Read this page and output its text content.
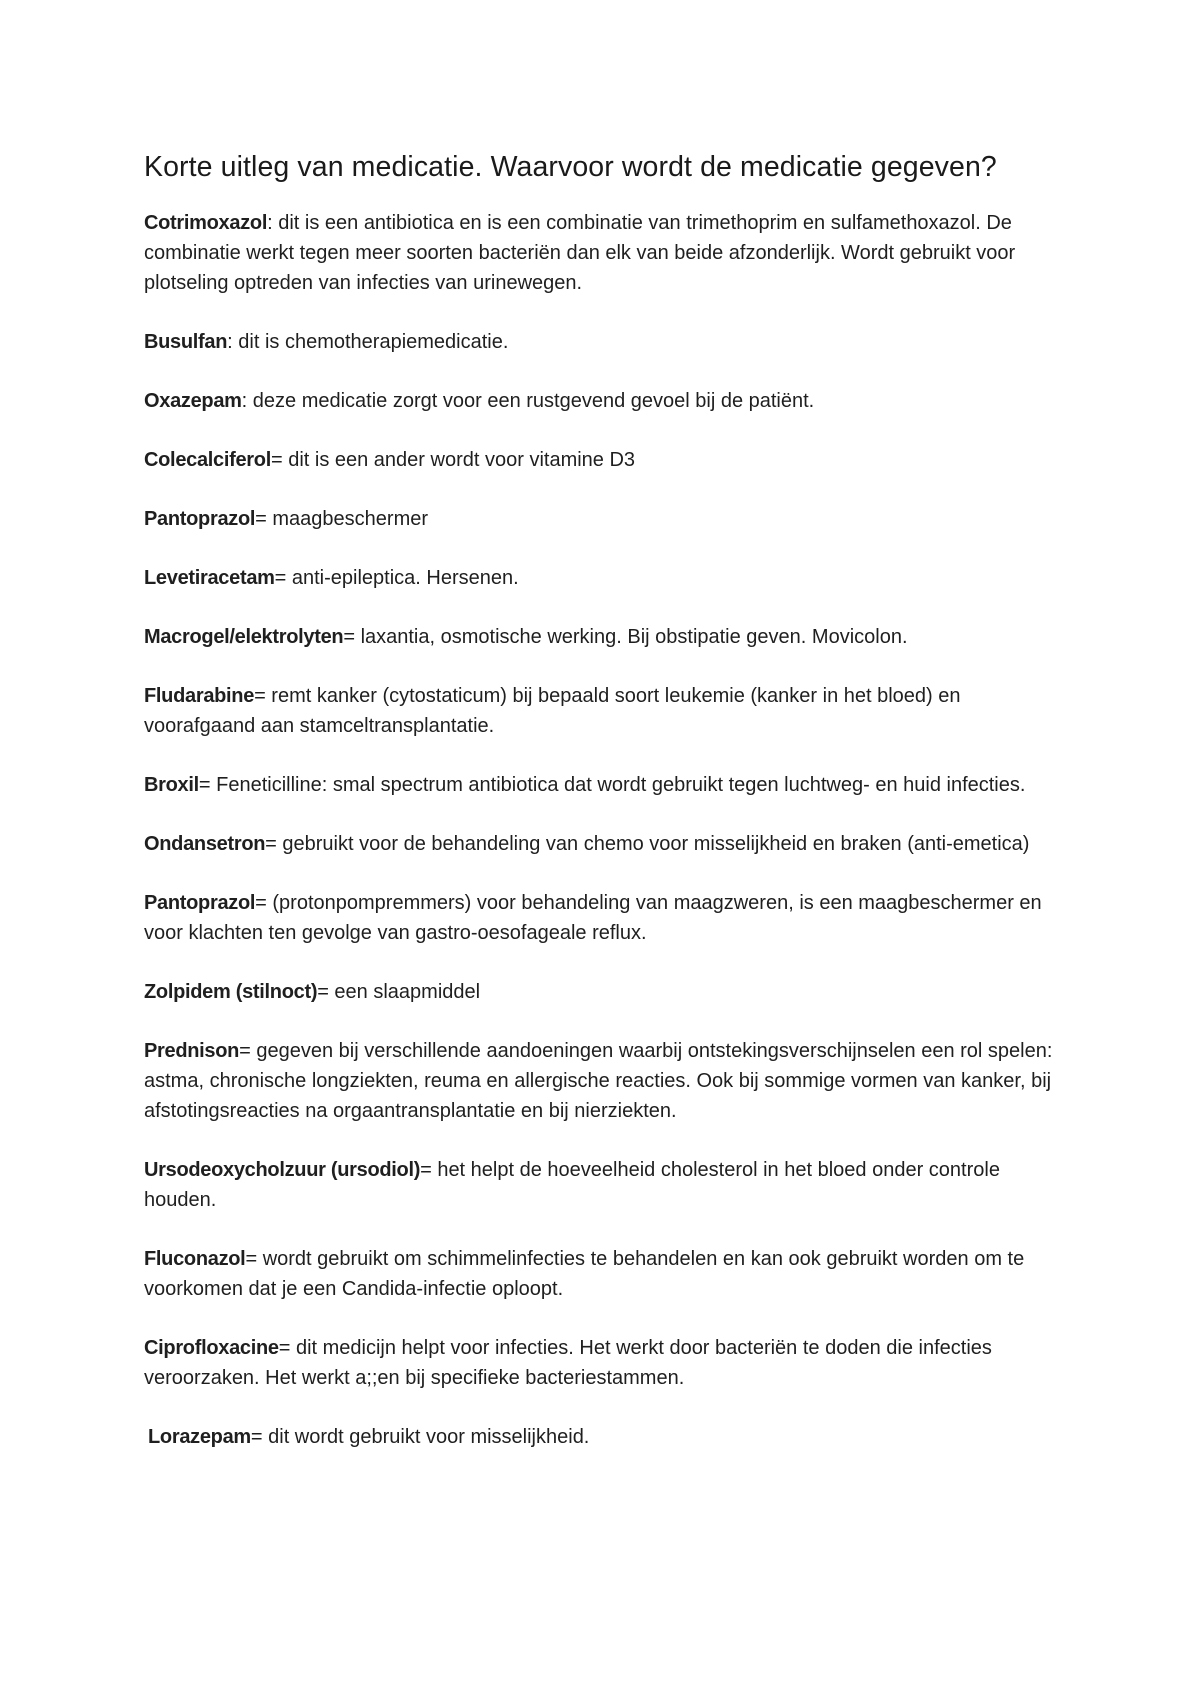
Korte uitleg van medicatie. Waarvoor wordt de medicatie gegeven?

Cotrimoxazol: dit is een antibiotica en is een combinatie van trimethoprim en sulfamethoxazol. De combinatie werkt tegen meer soorten bacteriën dan elk van beide afzonderlijk. Wordt gebruikt voor plotseling optreden van infecties van urinewegen.

Busulfan: dit is chemotherapiemedicatie.

Oxazepam: deze medicatie zorgt voor een rustgevend gevoel bij de patiënt.

Colecalciferol= dit is een ander wordt voor vitamine D3

Pantoprazol= maagbeschermer

Levetiracetam= anti-epileptica. Hersenen.

Macrogel/elektrolyten= laxantia, osmotische werking. Bij obstipatie geven. Movicolon.

Fludarabine= remt kanker (cytostaticum) bij bepaald soort leukemie (kanker in het bloed) en voorafgaand aan stamceltransplantatie.

Broxil= Feneticilline: smal spectrum antibiotica dat wordt gebruikt tegen luchtweg- en huid infecties.

Ondansetron= gebruikt voor de behandeling van chemo voor misselijkheid en braken (anti-emetica)

Pantoprazol= (protonpompremmers) voor behandeling van maagzweren, is een maagbeschermer en voor klachten ten gevolge van gastro-oesofageale reflux.

Zolpidem (stilnoct)= een slaapmiddel

Prednison= gegeven bij verschillende aandoeningen waarbij ontstekingsverschijnselen een rol spelen: astma, chronische longziekten, reuma en allergische reacties. Ook bij sommige vormen van kanker, bij afstotingsreacties na orgaantransplantatie en bij nierziekten.

Ursodeoxycholzuur (ursodiol)= het helpt de hoeveelheid cholesterol in het bloed onder controle houden.

Fluconazol= wordt gebruikt om schimmelinfecties te behandelen en kan ook gebruikt worden om te voorkomen dat je een Candida-infectie oploopt.

Ciprofloxacine= dit medicijn helpt voor infecties. Het werkt door bacteriën te doden die infecties veroorzaken. Het werkt a;;en bij specifieke bacteriestammen.

Lorazepam= dit wordt gebruikt voor misselijkheid.
